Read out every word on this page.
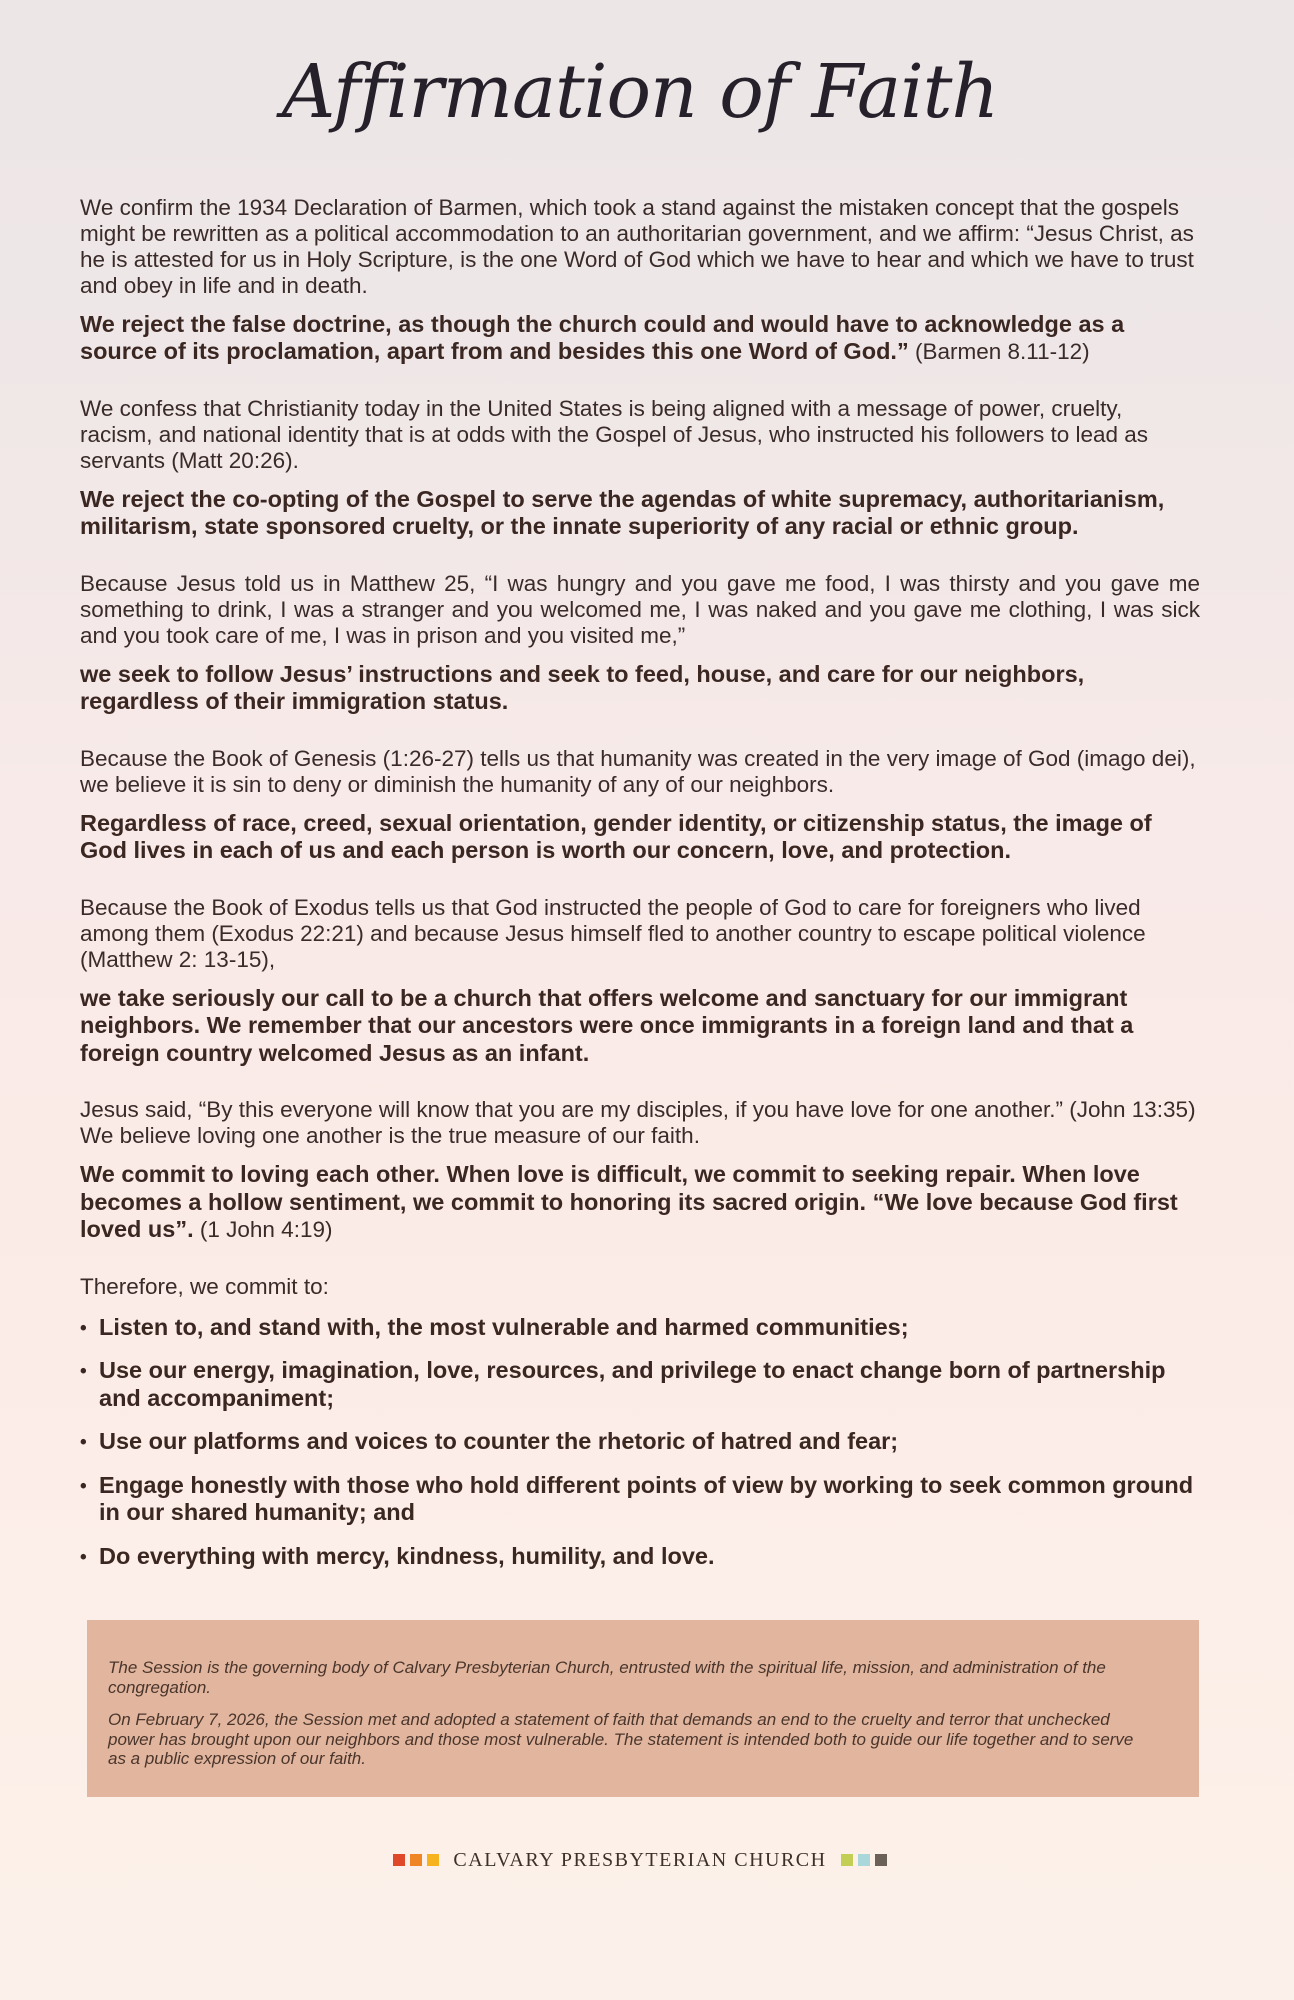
Affirmation of Faith

We confirm the 1934 Declaration of Barmen, which took a stand against the mistaken concept that the gospels might be rewritten as a political accommodation to an authoritarian government, and we affirm: “Jesus Christ, as he is attested for us in Holy Scripture, is the one Word of God which we have to hear and which we have to trust and obey in life and in death.

We reject the false doctrine, as though the church could and would have to acknowledge as a source of its proclamation, apart from and besides this one Word of God.” (Barmen 8.11-12)

We confess that Christianity today in the United States is being aligned with a message of power, cruelty, racism, and national identity that is at odds with the Gospel of Jesus, who instructed his followers to lead as servants (Matt 20:26).

We reject the co-opting of the Gospel to serve the agendas of white supremacy, authoritarianism, militarism, state sponsored cruelty, or the innate superiority of any racial or ethnic group.

Because Jesus told us in Matthew 25, “I was hungry and you gave me food, I was thirsty and you gave me something to drink, I was a stranger and you welcomed me, I was naked and you gave me clothing, I was sick and you took care of me, I was in prison and you visited me,”

we seek to follow Jesus’ instructions and seek to feed, house, and care for our neighbors, regardless of their immigration status.

Because the Book of Genesis (1:26-27) tells us that humanity was created in the very image of God (imago dei), we believe it is sin to deny or diminish the humanity of any of our neighbors.

Regardless of race, creed, sexual orientation, gender identity, or citizenship status, the image of God lives in each of us and each person is worth our concern, love, and protection.

Because the Book of Exodus tells us that God instructed the people of God to care for foreigners who lived among them (Exodus 22:21) and because Jesus himself fled to another country to escape political violence (Matthew 2: 13-15),

we take seriously our call to be a church that offers welcome and sanctuary for our immigrant neighbors. We remember that our ancestors were once immigrants in a foreign land and that a foreign country welcomed Jesus as an infant.

Jesus said, “By this everyone will know that you are my disciples, if you have love for one another.” (John 13:35) We believe loving one another is the true measure of our faith.

We commit to loving each other. When love is difficult, we commit to seeking repair. When love becomes a hollow sentiment, we commit to honoring its sacred origin. “We love because God first loved us”. (1 John 4:19)

Therefore, we commit to:

• Listen to, and stand with, the most vulnerable and harmed communities;
• Use our energy, imagination, love, resources, and privilege to enact change born of partnership and accompaniment;
• Use our platforms and voices to counter the rhetoric of hatred and fear;
• Engage honestly with those who hold different points of view by working to seek common ground in our shared humanity; and
• Do everything with mercy, kindness, humility, and love.

The Session is the governing body of Calvary Presbyterian Church, entrusted with the spiritual life, mission, and administration of the congregation.

On February 7, 2026, the Session met and adopted a statement of faith that demands an end to the cruelty and terror that unchecked power has brought upon our neighbors and those most vulnerable. The statement is intended both to guide our life together and to serve as a public expression of our faith.

CALVARY PRESBYTERIAN CHURCH
